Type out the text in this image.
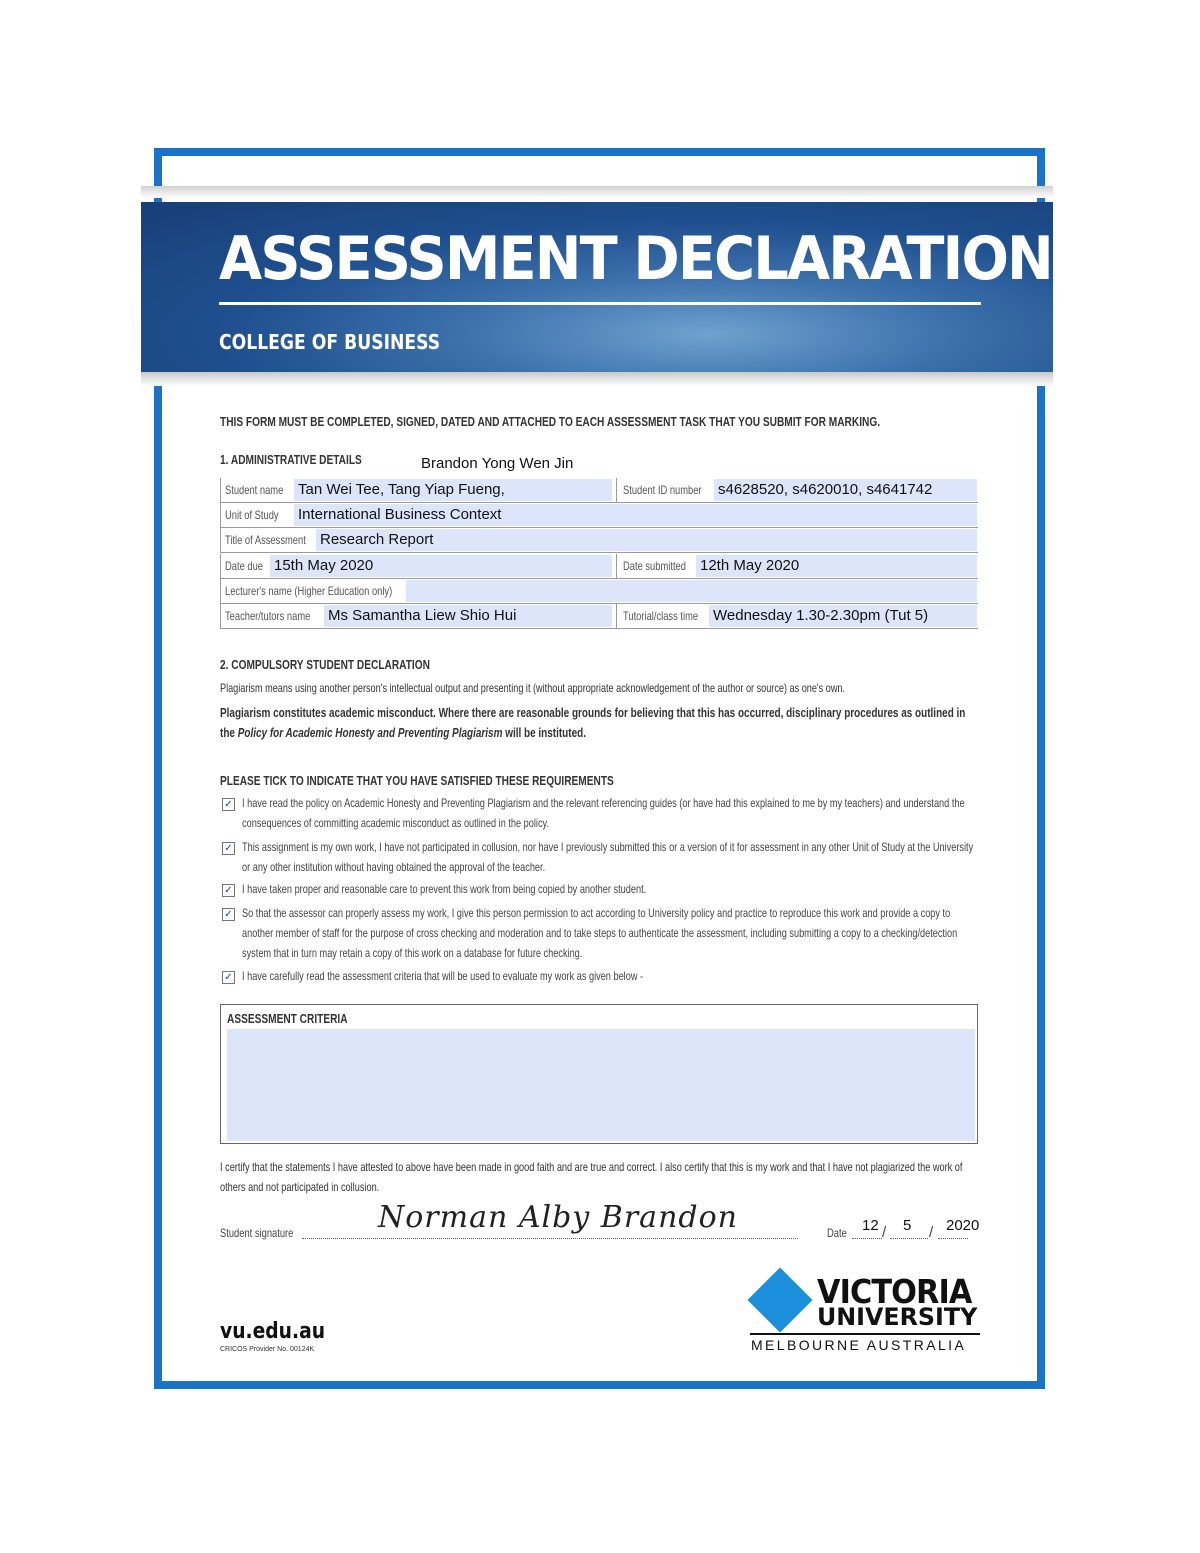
ASSESSMENT DECLARATION
COLLEGE OF BUSINESS
THIS FORM MUST BE COMPLETED, SIGNED, DATED AND ATTACHED TO EACH ASSESSMENT TASK THAT YOU SUBMIT FOR MARKING.
1. ADMINISTRATIVE DETAILS	Brandon Yong Wen Jin
Student name Tan Wei Tee, Tang Yiap Fueng,	Student ID number	s4628520, s4620010, s4641742
Unit of Study	International Business Context
Title of Assessment Research Report
Date due 15th May 2020	Date submitted 12th May 2020
Lecturer's name (Higher Education only)
Teacher/tutors name	Ms Samantha Liew Shio Hui	Tutorial/class time Wednesday 1.30-2.30pm (Tut 5)
2. COMPULSORY STUDENT DECLARATION
Plagiarism means using another person's intellectual output and presenting it (without appropriate acknowledgement of the author or source) as one's own.
Plagiarism constitutes academic misconduct. Where there are reasonable grounds for believing that this has occurred, disciplinary procedures as outlined in the Policy for Academic Honesty and Preventing Plagiarism will be instituted.
PLEASE TICK TO INDICATE THAT YOU HAVE SATISFIED THESE REQUIREMENTS
✓ I have read the policy on Academic Honesty and Preventing Plagiarism and the relevant referencing guides (or have had this explained to me by my teachers) and understand the consequences of committing academic misconduct as outlined in the policy.
✓ This assignment is my own work, I have not participated in collusion, nor have I previously submitted this or a version of it for assessment in any other Unit of Study at the University or any other institution without having obtained the approval of the teacher.
✓ I have taken proper and reasonable care to prevent this work from being copied by another student.
✓ So that the assessor can properly assess my work, I give this person permission to act according to University policy and practice to reproduce this work and provide a copy to another member of staff for the purpose of cross checking and moderation and to take steps to authenticate the assessment, including submitting a copy to a checking/detection system that in turn may retain a copy of this work on a database for future checking.
✓ I have carefully read the assessment criteria that will be used to evaluate my work as given below -
ASSESSMENT CRITERIA
I certify that the statements I have attested to above have been made in good faith and are true and correct. I also certify that this is my work and that I have not plagiarized the work of others and not participated in collusion.
Student signature	Norman Alby Brandon	Date	12 / 5 / 2020
VICTORIA
UNIVERSITY
MELBOURNE AUSTRALIA
vu.edu.au
CRICOS Provider No. 00124K
